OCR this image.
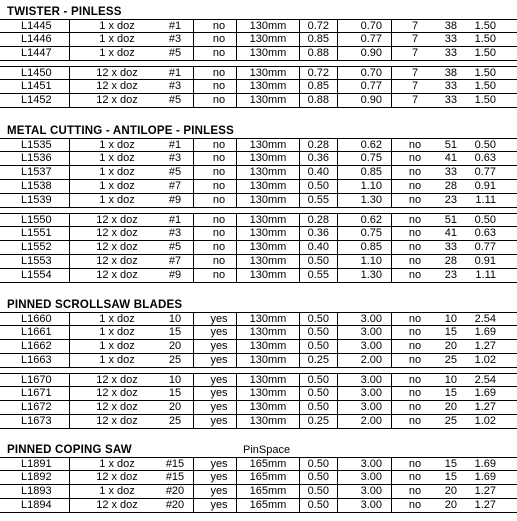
TWISTER - PINLESS
L1445	1 x doz	#1	no	130mm	0.72	0.70	7	38	1.50
L1446	1 x doz	#3	no	130mm	0.85	0.77	7	33	1.50
L1447	1 x doz	#5	no	130mm	0.88	0.90	7	33	1.50
L1450	12 x doz	#1	no	130mm	0.72	0.70	7	38	1.50
L1451	12 x doz	#3	no	130mm	0.85	0.77	7	33	1.50
L1452	12 x doz	#5	no	130mm	0.88	0.90	7	33	1.50
METAL CUTTING - ANTILOPE - PINLESS
L1535	1 x doz	#1	no	130mm	0.28	0.62	no	51	0.50
L1536	1 x doz	#3	no	130mm	0.36	0.75	no	41	0.63
L1537	1 x doz	#5	no	130mm	0.40	0.85	no	33	0.77
L1538	1 x doz	#7	no	130mm	0.50	1.10	no	28	0.91
L1539	1 x doz	#9	no	130mm	0.55	1.30	no	23	1.11
L1550	12 x doz	#1	no	130mm	0.28	0.62	no	51	0.50
L1551	12 x doz	#3	no	130mm	0.36	0.75	no	41	0.63
L1552	12 x doz	#5	no	130mm	0.40	0.85	no	33	0.77
L1553	12 x doz	#7	no	130mm	0.50	1.10	no	28	0.91
L1554	12 x doz	#9	no	130mm	0.55	1.30	no	23	1.11
PINNED SCROLLSAW BLADES
L1660	1 x doz	10	yes	130mm	0.50	3.00	no	10	2.54
L1661	1 x doz	15	yes	130mm	0.50	3.00	no	15	1.69
L1662	1 x doz	20	yes	130mm	0.50	3.00	no	20	1.27
L1663	1 x doz	25	yes	130mm	0.25	2.00	no	25	1.02
L1670	12 x doz	10	yes	130mm	0.50	3.00	no	10	2.54
L1671	12 x doz	15	yes	130mm	0.50	3.00	no	15	1.69
L1672	12 x doz	20	yes	130mm	0.50	3.00	no	20	1.27
L1673	12 x doz	25	yes	130mm	0.25	2.00	no	25	1.02
PINNED COPING SAW	PinSpace
L1891	1 x doz	#15	yes	165mm	0.50	3.00	no	15	1.69
L1892	12 x doz	#15	yes	165mm	0.50	3.00	no	15	1.69
L1893	1 x doz	#20	yes	165mm	0.50	3.00	no	20	1.27
L1894	12 x doz	#20	yes	165mm	0.50	3.00	no	20	1.27
